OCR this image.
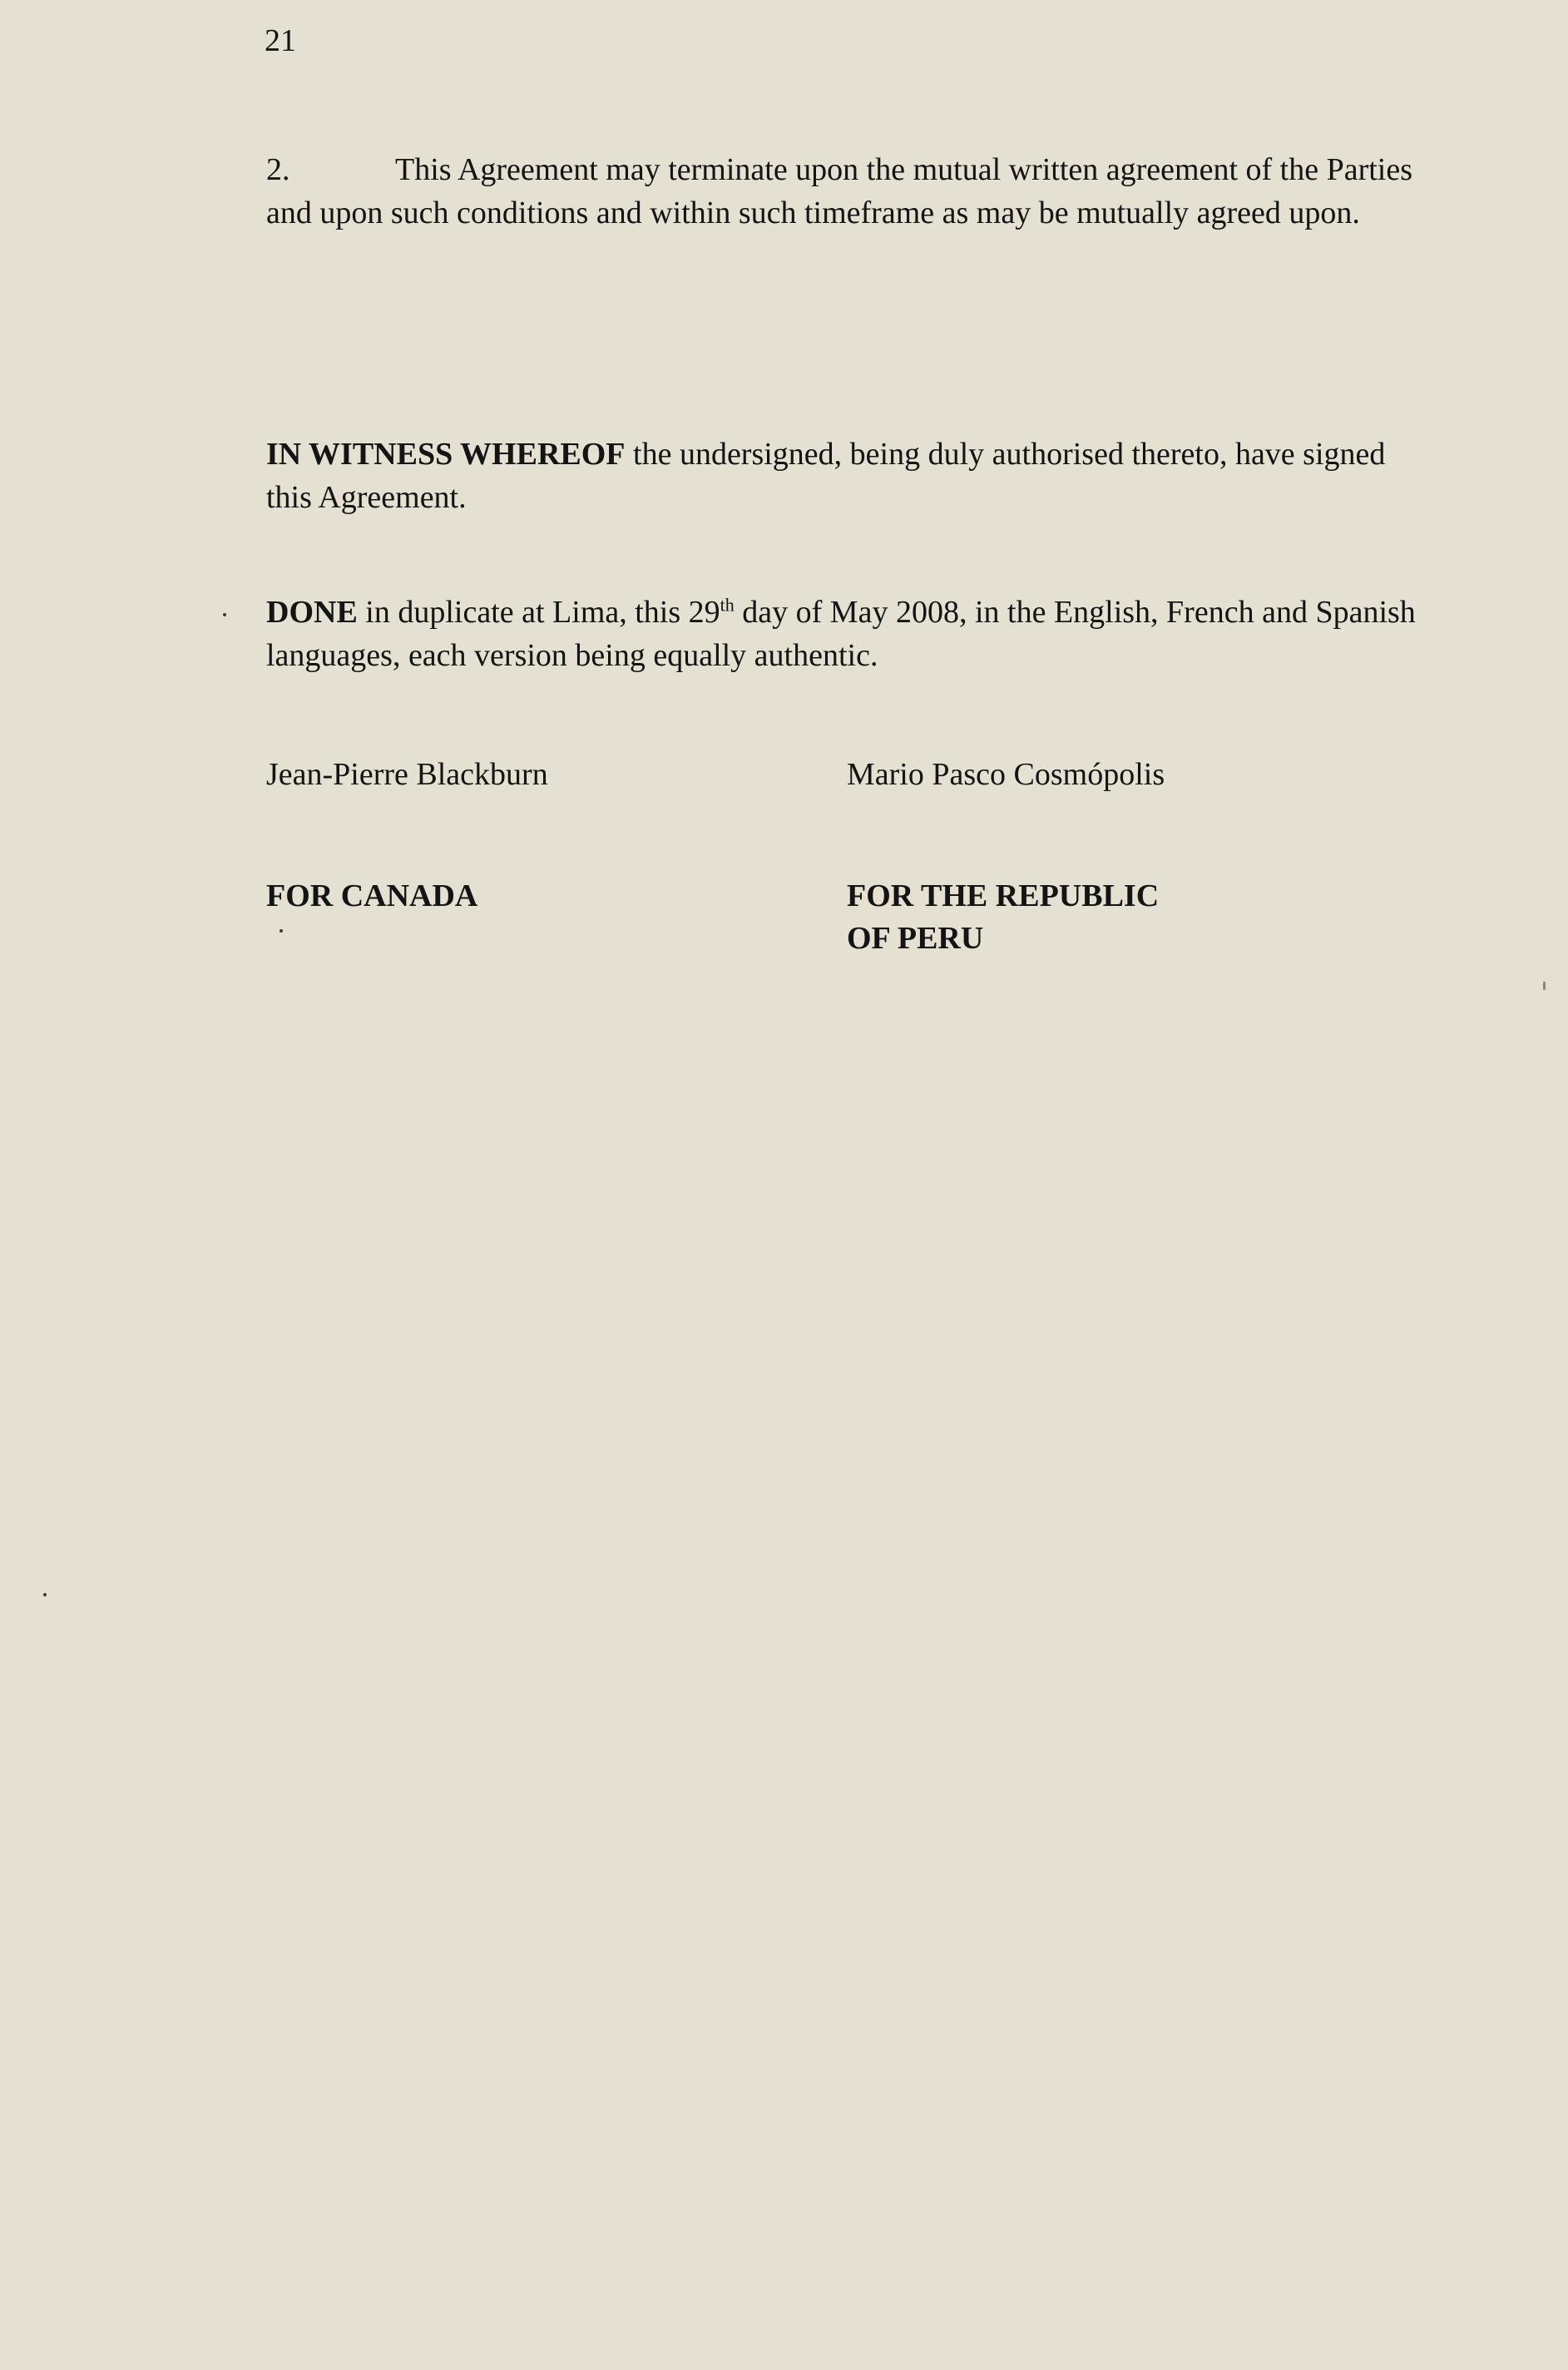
21

2.	This Agreement may terminate upon the mutual written agreement of the Parties and upon such conditions and within such timeframe as may be mutually agreed upon.

IN WITNESS WHEREOF the undersigned, being duly authorised thereto, have signed this Agreement.

DONE in duplicate at Lima, this 29th day of May 2008, in the English, French and Spanish languages, each version being equally authentic.

Jean-Pierre Blackburn	Mario Pasco Cosmópolis
FOR CANADA	FOR THE REPUBLIC
OF PERU
